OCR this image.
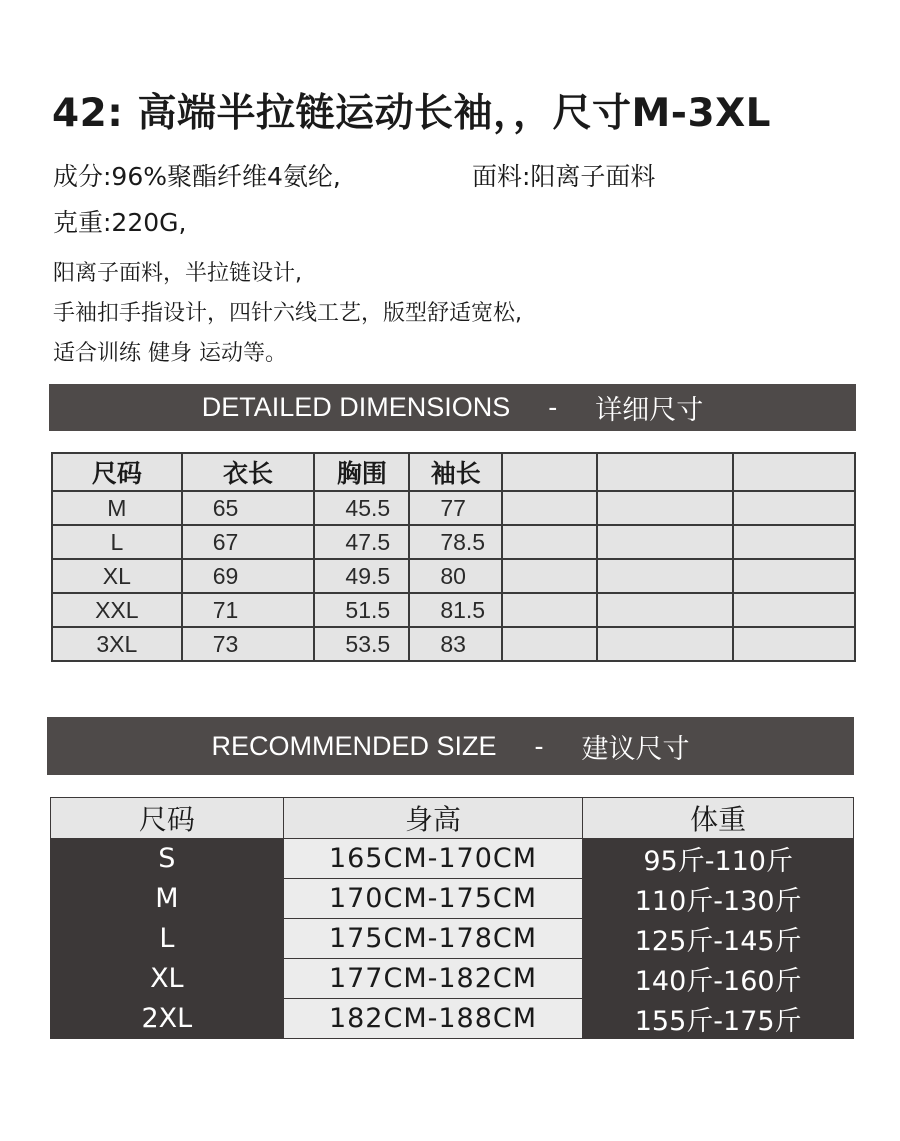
42: 高端半拉链运动长袖，，尺寸M-3XL
成分:96%聚酯纤维4氨纶,	面料:阳离子面料
克重:220G,
阳离子面料，半拉链设计,
手袖扣手指设计，四针六线工艺，版型舒适宽松,
适合训练 健身 运动等。
DETAILED DIMENSIONS - 详细尺寸
尺码	衣长	胸围	袖长			
M	65	45.5	77			
L	67	47.5	78.5			
XL	69	49.5	80			
XXL	71	51.5	81.5			
3XL	73	53.5	83			
RECOMMENDED SIZE - 建议尺寸
尺码	身高	体重
S	165CM-170CM	95斤-110斤
M	170CM-175CM	110斤-130斤
L	175CM-178CM	125斤-145斤
XL	177CM-182CM	140斤-160斤
2XL	182CM-188CM	155斤-175斤
